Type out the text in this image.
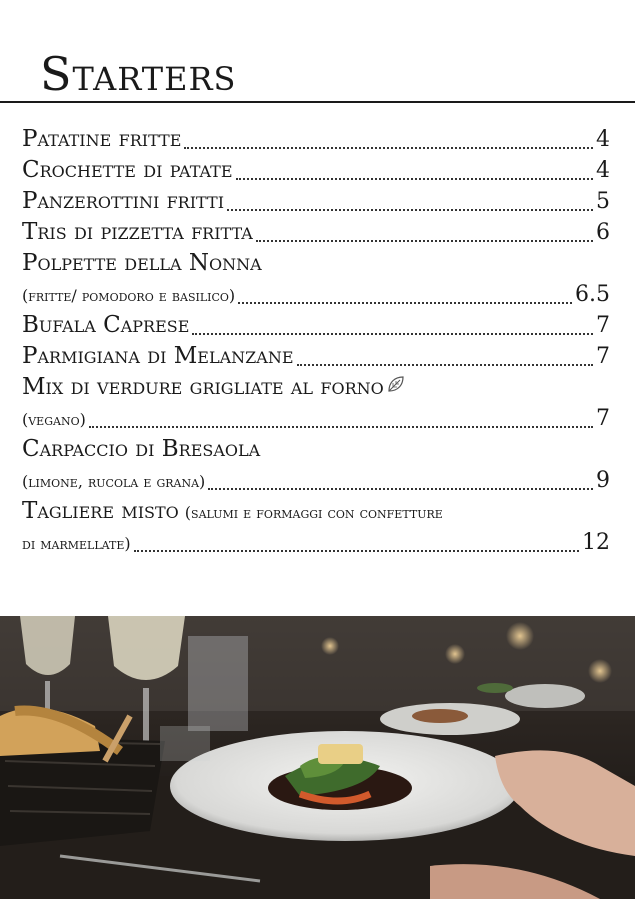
Starters
Patatine fritte	4
Crochette di patate	4
Panzerottini fritti	5
Tris di pizzetta fritta	6
Polpette della Nonna
(fritte/ pomodoro e basilico)	6.5
Bufala Caprese	7
Parmigiana di Melanzane	7
Mix di verdure grigliate al forno
(vegano)	7
Carpaccio di Bresaola
(limone, rucola e grana)	9
Tagliere misto (salumi e formaggi con confetture
di marmellate)	12
